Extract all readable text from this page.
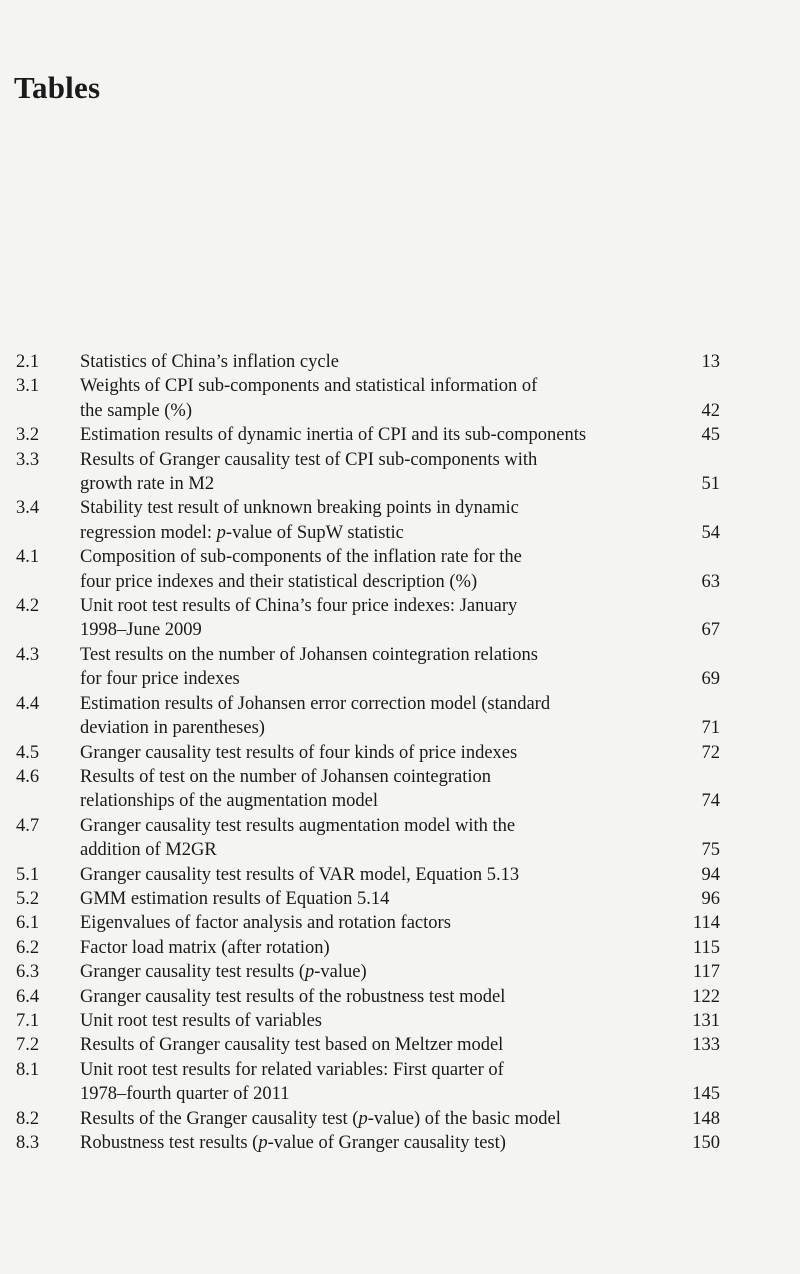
Tables
2.1	Statistics of China’s inflation cycle	13
3.1	Weights of CPI sub-components and statistical information of
the sample (%)	42
3.2	Estimation results of dynamic inertia of CPI and its sub-components	45
3.3	Results of Granger causality test of CPI sub-components with
growth rate in M2	51
3.4	Stability test result of unknown breaking points in dynamic
regression model: p-value of SupW statistic	54
4.1	Composition of sub-components of the inflation rate for the
four price indexes and their statistical description (%)	63
4.2	Unit root test results of China’s four price indexes: January
1998–June 2009	67
4.3	Test results on the number of Johansen cointegration relations
for four price indexes	69
4.4	Estimation results of Johansen error correction model (standard
deviation in parentheses)	71
4.5	Granger causality test results of four kinds of price indexes	72
4.6	Results of test on the number of Johansen cointegration
relationships of the augmentation model	74
4.7	Granger causality test results augmentation model with the
addition of M2GR	75
5.1	Granger causality test results of VAR model, Equation 5.13	94
5.2	GMM estimation results of Equation 5.14	96
6.1	Eigenvalues of factor analysis and rotation factors	114
6.2	Factor load matrix (after rotation)	115
6.3	Granger causality test results (p-value)	117
6.4	Granger causality test results of the robustness test model	122
7.1	Unit root test results of variables	131
7.2	Results of Granger causality test based on Meltzer model	133
8.1	Unit root test results for related variables: First quarter of
1978–fourth quarter of 2011	145
8.2	Results of the Granger causality test (p-value) of the basic model	148
8.3	Robustness test results (p-value of Granger causality test)	150
